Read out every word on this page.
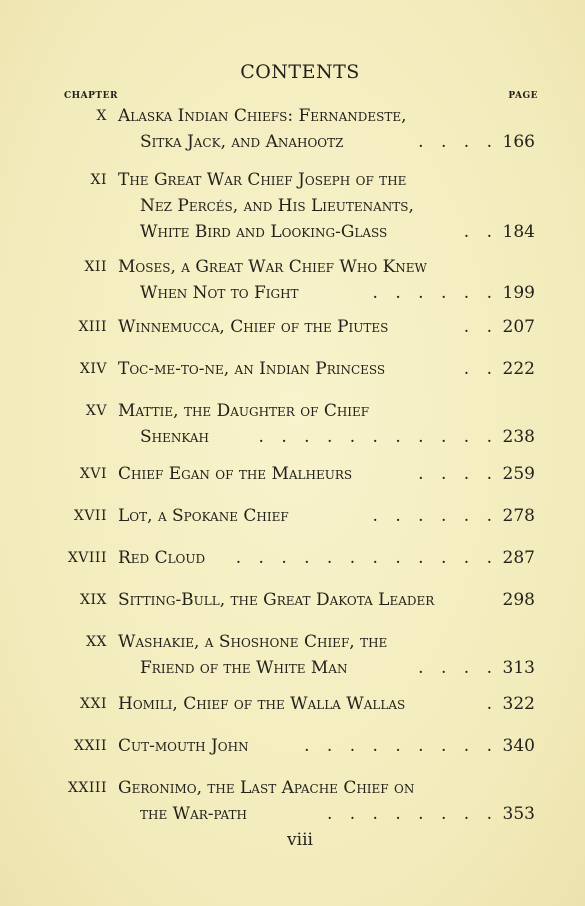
CONTENTS
CHAPTER	PAGE
X Alaska Indian Chiefs: Fernandeste,
Sitka Jack, and Anahootz	. . . . 166
XI The Great War Chief Joseph of the
Nez Percés, and His Lieutenants,
White Bird and Looking-Glass	. . 184
XII Moses, a Great War Chief Who Knew
When Not to Fight	. . . . . . 199
XIII Winnemucca, Chief of the Piutes	. . 207
XIV Toc-me-to-ne, an Indian Princess	. . 222
XV Mattie, the Daughter of Chief
Shenkah	. . . . . . . . . . . 238
XVI Chief Egan of the Malheurs	. . . . 259
XVII Lot, a Spokane Chief	. . . . . . 278
XVIII Red Cloud . . . . . . . . . . . . 287
XIX Sitting-Bull, the Great Dakota Leader	298
XX Washakie, a Shoshone Chief, the
Friend of the White Man	. . . . 313
XXI Homili, Chief of the Walla Wallas	. 322
XXII Cut-mouth John	. . . . . . . . . 340
XXIII Geronimo, the Last Apache Chief on
the War-path	. . . . . . . . 353
viii
